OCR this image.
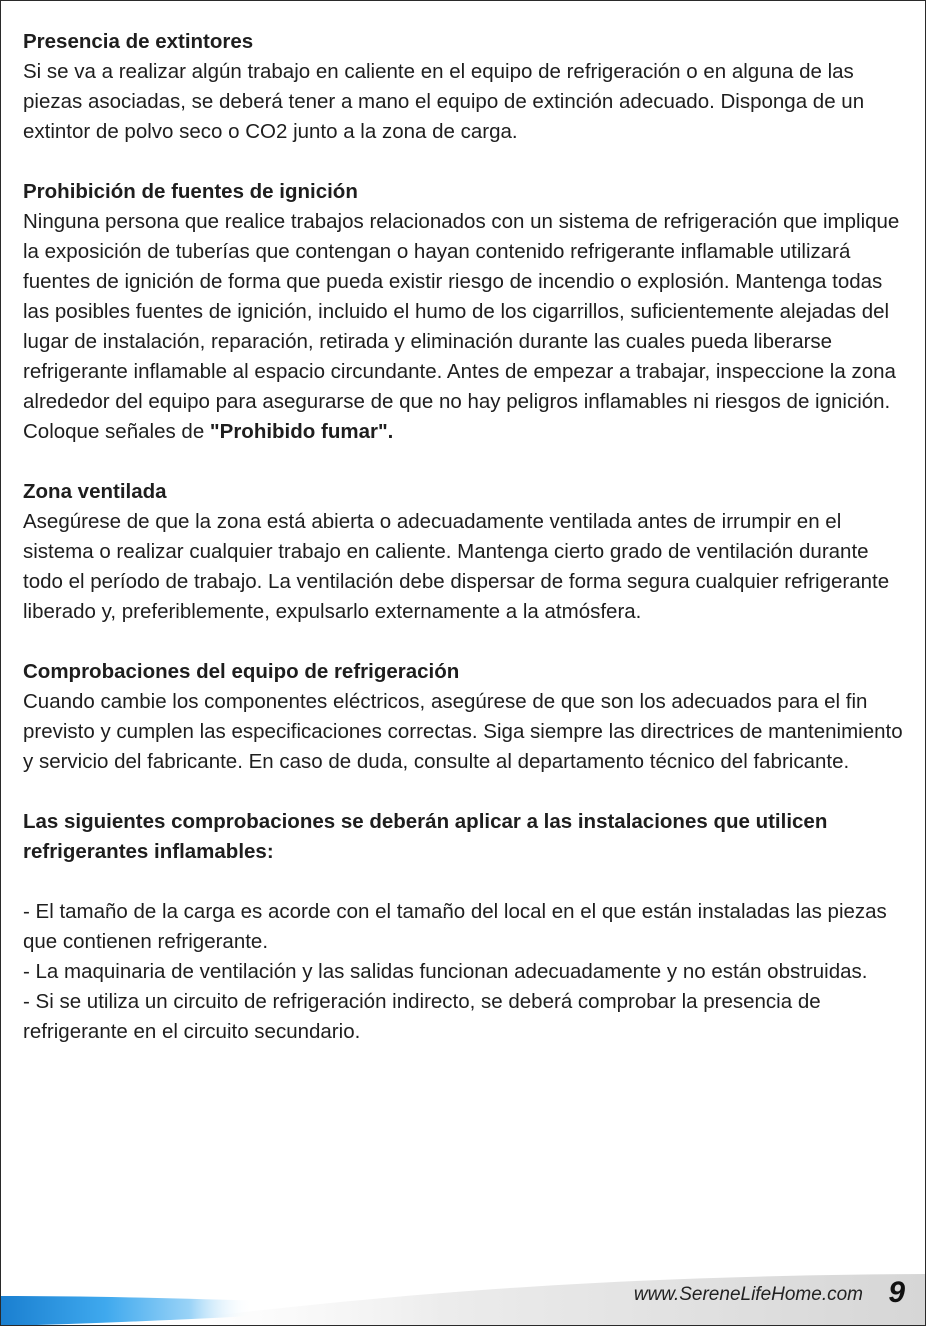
Presencia de extintores
Si se va a realizar algún trabajo en caliente en el equipo de refrigeración o en alguna de las piezas asociadas, se deberá tener a mano el equipo de extinción adecuado. Disponga de un extintor de polvo seco o CO2 junto a la zona de carga.
Prohibición de fuentes de ignición
Ninguna persona que realice trabajos relacionados con un sistema de refrigeración que implique la exposición de tuberías que contengan o hayan contenido refrigerante inflamable utilizará fuentes de ignición de forma que pueda existir riesgo de incendio o explosión. Mantenga todas las posibles fuentes de ignición, incluido el humo de los cigarrillos, suficientemente alejadas del lugar de instalación, reparación, retirada y eliminación durante las cuales pueda liberarse refrigerante inflamable al espacio circundante. Antes de empezar a trabajar, inspeccione la zona alrededor del equipo para asegurarse de que no hay peligros inflamables ni riesgos de ignición. Coloque señales de "Prohibido fumar".
Zona ventilada
Asegúrese de que la zona está abierta o adecuadamente ventilada antes de irrumpir en el sistema o realizar cualquier trabajo en caliente. Mantenga cierto grado de ventilación durante todo el período de trabajo. La ventilación debe dispersar de forma segura cualquier refrigerante liberado y, preferiblemente, expulsarlo externamente a la atmósfera.
Comprobaciones del equipo de refrigeración
Cuando cambie los componentes eléctricos, asegúrese de que son los adecuados para el fin previsto y cumplen las especificaciones correctas. Siga siempre las directrices de mantenimiento y servicio del fabricante. En caso de duda, consulte al departamento técnico del fabricante.
Las siguientes comprobaciones se deberán aplicar a las instalaciones que utilicen refrigerantes inflamables:
- El tamaño de la carga es acorde con el tamaño del local en el que están instaladas las piezas que contienen refrigerante.
- La maquinaria de ventilación y las salidas funcionan adecuadamente y no están obstruidas.
- Si se utiliza un circuito de refrigeración indirecto, se deberá comprobar la presencia de refrigerante en el circuito secundario.
www.SereneLifeHome.com 9
